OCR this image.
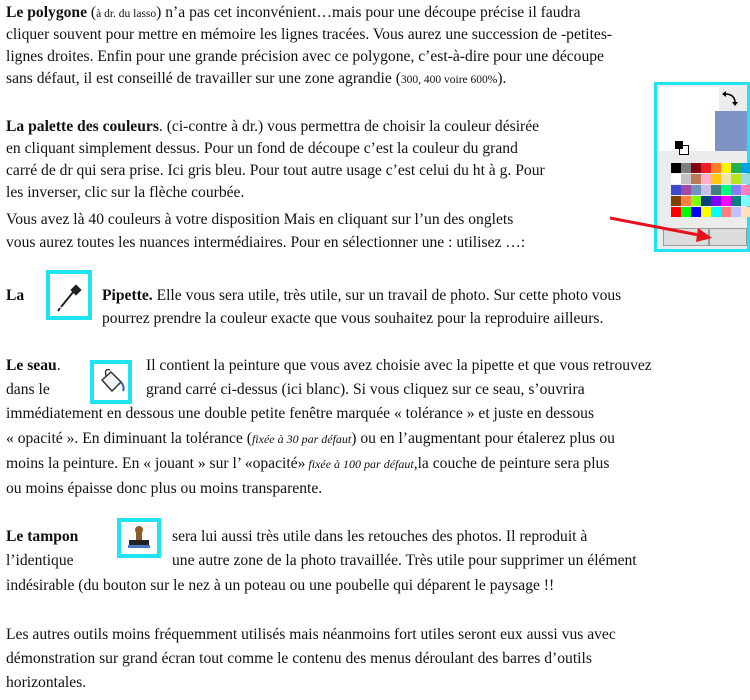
Le polygone (à dr. du lasso) n’a pas cet inconvénient…mais pour une découpe précise il faudra
cliquer souvent pour mettre en mémoire les lignes tracées. Vous aurez une succession de -petites-
lignes droites. Enfin pour une grande précision avec ce polygone, c’est-à-dire pour une découpe
sans défaut, il est conseillé de travailler sur une zone agrandie (300, 400 voire 600%).
La palette des couleurs. (ci-contre à dr.) vous permettra de choisir la couleur désirée
en cliquant simplement dessus. Pour un fond de découpe c’est la couleur du grand
carré de dr qui sera prise. Ici gris bleu. Pour tout autre usage c’est celui du ht à g. Pour
les inverser, clic sur la flèche courbée.
Vous avez là 40 couleurs à votre disposition Mais en cliquant sur l’un des onglets
vous aurez toutes les nuances intermédiaires. Pour en sélectionner une : utilisez …:
La	Pipette. Elle vous sera utile, très utile, sur un travail de photo. Sur cette photo vous
pourrez prendre la couleur exacte que vous souhaitez pour la reproduire ailleurs.
Le seau.	Il contient la peinture que vous avez choisie avec la pipette et que vous retrouvez
dans le	grand carré ci-dessus (ici blanc). Si vous cliquez sur ce seau, s’ouvrira
immédiatement en dessous une double petite fenêtre marquée « tolérance » et juste en dessous
« opacité ». En diminuant la tolérance (fixée à 30 par défaut) ou en l’augmentant pour étalerez plus ou
moins la peinture. En « jouant » sur l’ «opacité» fixée à 100 par défaut,la couche de peinture sera plus
ou moins épaisse donc plus ou moins transparente.
Le tampon	sera lui aussi très utile dans les retouches des photos. Il reproduit à
l’identique	une autre zone de la photo travaillée. Très utile pour supprimer un élément
indésirable (du bouton sur le nez à un poteau ou une poubelle qui déparent le paysage !!
Les autres outils moins fréquemment utilisés mais néanmoins fort utiles seront eux aussi vus avec
démonstration sur grand écran tout comme le contenu des menus déroulant des barres d’outils
horizontales.
